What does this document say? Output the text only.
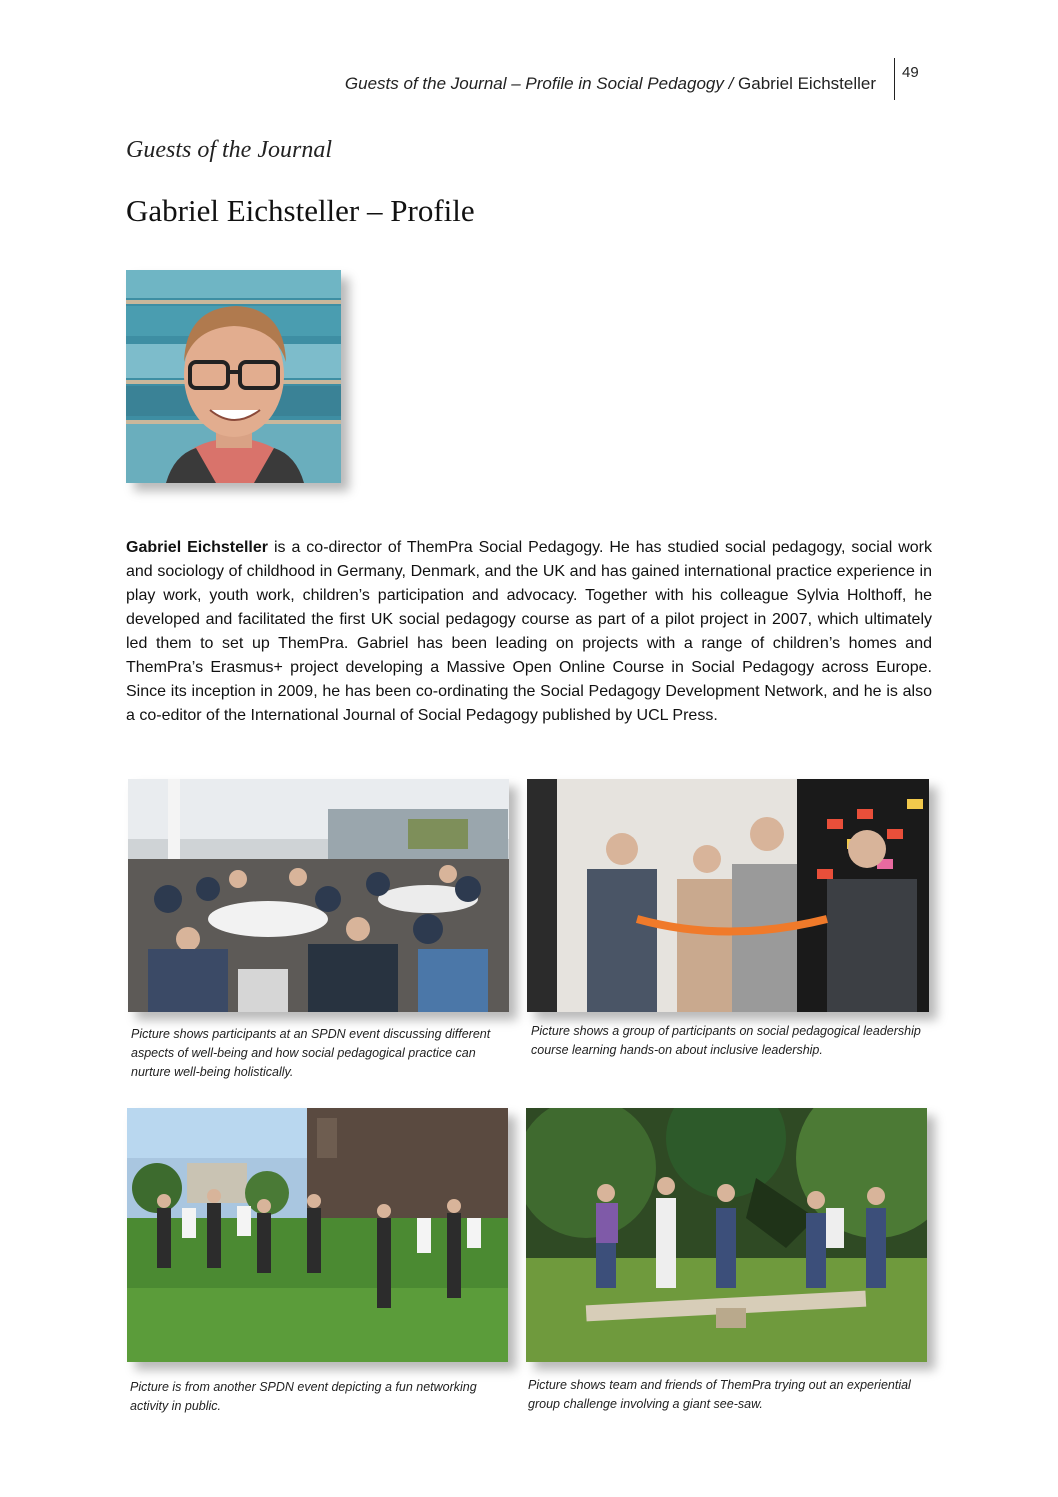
Guests of the Journal – Profile in Social Pedagogy / Gabriel Eichsteller
49
Guests of the Journal
Gabriel Eichsteller – Profile
Gabriel Eichsteller is a co-director of ThemPra Social Pedagogy. He has studied social pedagogy, social work and sociology of childhood in Germany, Denmark, and the UK and has gained international practice experience in play work, youth work, children’s participation and advocacy. Together with his colleague Sylvia Holthoff, he developed and facilitated the first UK social pedagogy course as part of a pilot project in 2007, which ultimately led them to set up ThemPra. Gabriel has been leading on projects with a range of children’s homes and ThemPra’s Erasmus+ project developing a Massive Open Online Course in Social Pedagogy across Europe. Since its inception in 2009, he has been co-ordinating the Social Pedagogy Development Network, and he is also a co-editor of the International Journal of Social Pedagogy published by UCL Press.
Picture shows participants at an SPDN event discussing different aspects of well-being and how social pedagogical practice can nurture well-being holistically.
Picture shows a group of participants on social pedagogical leadership course learning hands-on about inclusive leadership.
Picture is from another SPDN event depicting a fun networking activity in public.
Picture shows team and friends of ThemPra trying out an experiential group challenge involving a giant see-saw.
